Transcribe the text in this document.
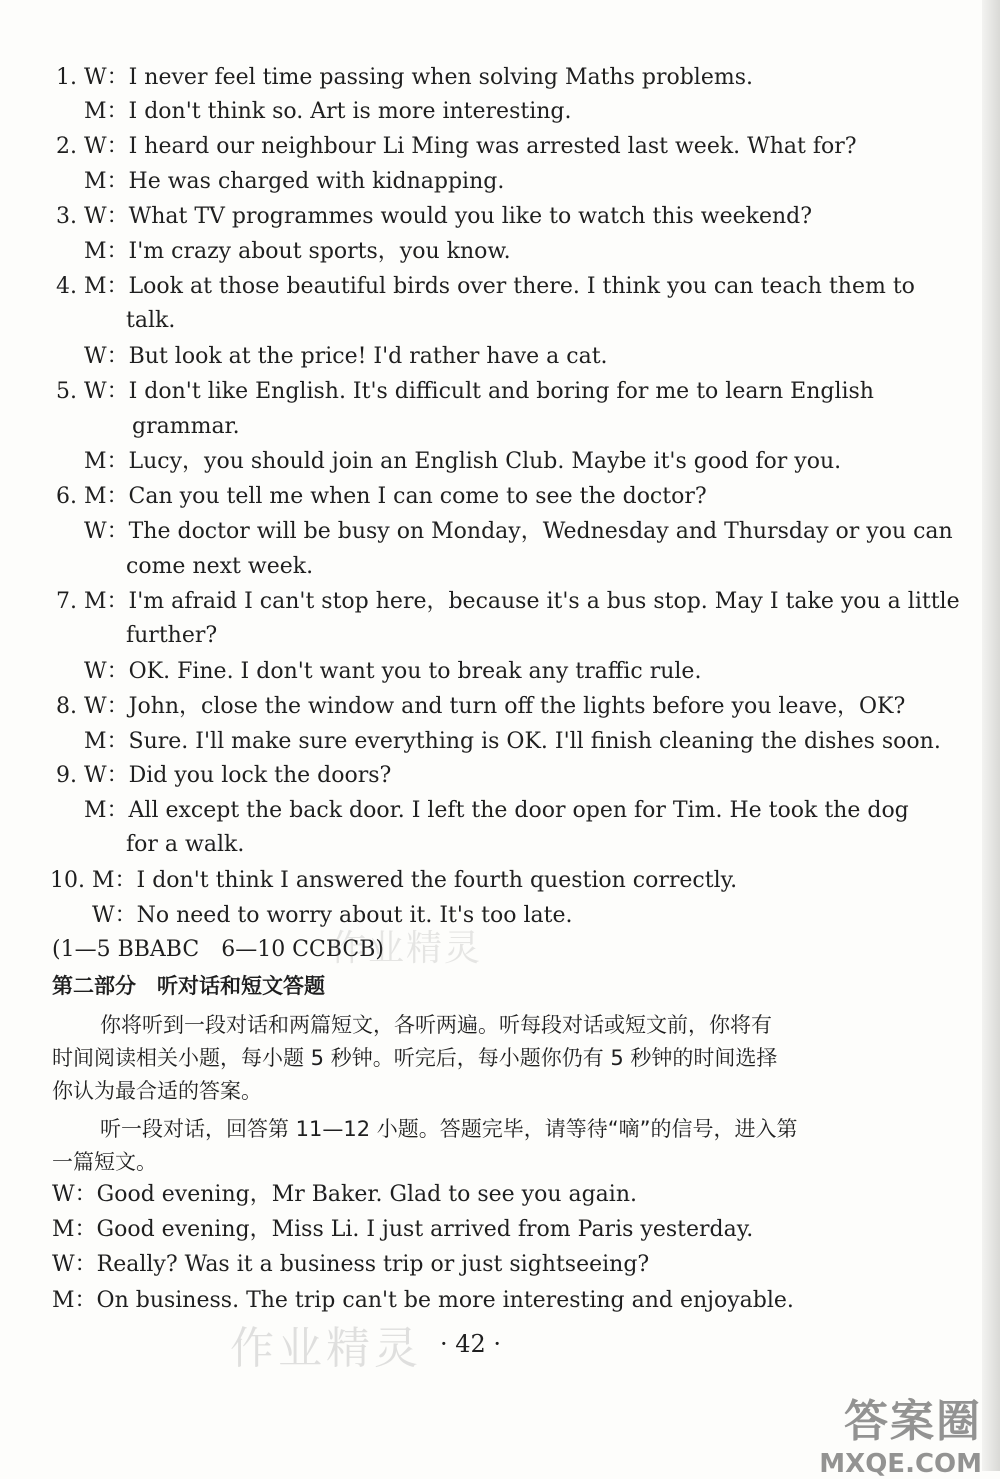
1. W：I never feel time passing when solving Maths problems.
M：I don't think so. Art is more interesting.
2. W：I heard our neighbour Li Ming was arrested last week. What for?
M：He was charged with kidnapping.
3. W：What TV programmes would you like to watch this weekend?
M：I'm crazy about sports，you know.
4. M：Look at those beautiful birds over there. I think you can teach them to
talk.
W：But look at the price! I'd rather have a cat.
5. W：I don't like English. It's difficult and boring for me to learn English
grammar.
M：Lucy，you should join an English Club. Maybe it's good for you.
6. M：Can you tell me when I can come to see the doctor?
W：The doctor will be busy on Monday，Wednesday and Thursday or you can
come next week.
7. M：I'm afraid I can't stop here，because it's a bus stop. May I take you a little
further?
W：OK. Fine. I don't want you to break any traffic rule.
8. W：John，close the window and turn off the lights before you leave，OK?
M：Sure. I'll make sure everything is OK. I'll finish cleaning the dishes soon.
9. W：Did you lock the doors?
M：All except the back door. I left the door open for Tim. He took the dog
for a walk.
10. M：I don't think I answered the fourth question correctly.
W：No need to worry about it. It's too late.
(1—5 BBABC　6—10 CCBCB)
第二部分　听对话和短文答题
你将听到一段对话和两篇短文，各听两遍。听每段对话或短文前，你将有
时间阅读相关小题，每小题 5 秒钟。听完后，每小题你仍有 5 秒钟的时间选择
你认为最合适的答案。
听一段对话，回答第 11—12 小题。答题完毕，请等待“嘀”的信号，进入第
一篇短文。
W：Good evening，Mr Baker. Glad to see you again.
M：Good evening，Miss Li. I just arrived from Paris yesterday.
W：Really? Was it a business trip or just sightseeing?
M：On business. The trip can't be more interesting and enjoyable.
作业精灵
作业精灵
· 42 ·
答案圈
MXQE.COM
